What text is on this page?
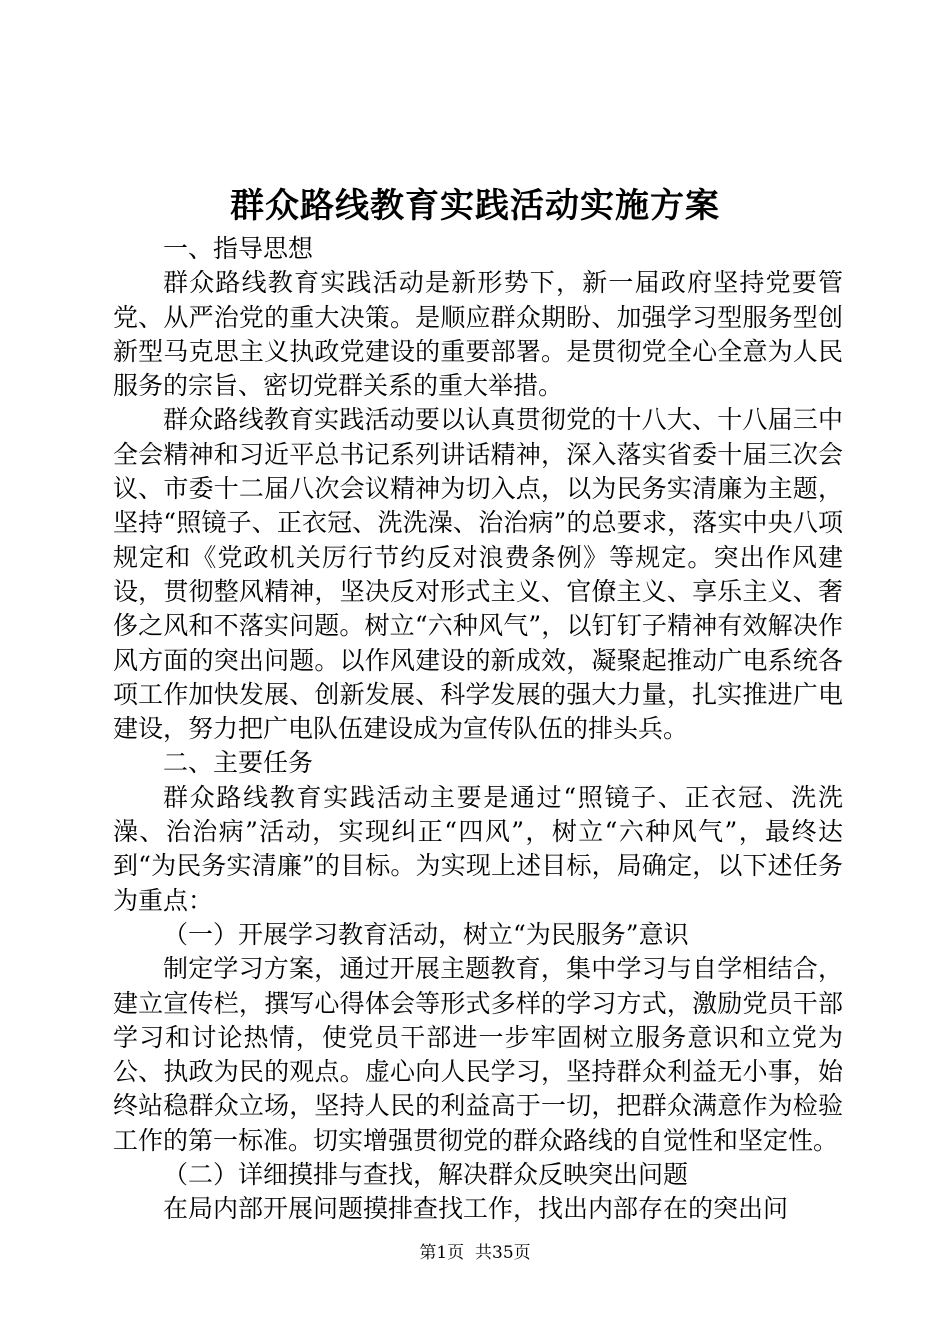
群众路线教育实践活动实施方案

一、指导思想

群众路线教育实践活动是新形势下，新一届政府坚持党要管党、从严治党的重大决策。是顺应群众期盼、加强学习型服务型创新型马克思主义执政党建设的重要部署。是贯彻党全心全意为人民服务的宗旨、密切党群关系的重大举措。

群众路线教育实践活动要以认真贯彻党的十八大、十八届三中全会精神和习近平总书记系列讲话精神，深入落实省委十届三次会议、市委十二届八次会议精神为切入点，以为民务实清廉为主题，坚持“照镜子、正衣冠、洗洗澡、治治病”的总要求，落实中央八项规定和《党政机关厉行节约反对浪费条例》等规定。突出作风建设，贯彻整风精神，坚决反对形式主义、官僚主义、享乐主义、奢侈之风和不落实问题。树立“六种风气”，以钉钉子精神有效解决作风方面的突出问题。以作风建设的新成效，凝聚起推动广电系统各项工作加快发展、创新发展、科学发展的强大力量，扎实推进广电建设，努力把广电队伍建设成为宣传队伍的排头兵。

二、主要任务

群众路线教育实践活动主要是通过“照镜子、正衣冠、洗洗澡、治治病”活动，实现纠正“四风”，树立“六种风气”，最终达到“为民务实清廉”的目标。为实现上述目标，局确定，以下述任务为重点：

（一）开展学习教育活动，树立“为民服务”意识

制定学习方案，通过开展主题教育，集中学习与自学相结合，建立宣传栏，撰写心得体会等形式多样的学习方式，激励党员干部学习和讨论热情，使党员干部进一步牢固树立服务意识和立党为公、执政为民的观点。虚心向人民学习，坚持群众利益无小事，始终站稳群众立场，坚持人民的利益高于一切，把群众满意作为检验工作的第一标准。切实增强贯彻党的群众路线的自觉性和坚定性。

（二）详细摸排与查找，解决群众反映突出问题

在局内部开展问题摸排查找工作，找出内部存在的突出问

第1页 共35页
